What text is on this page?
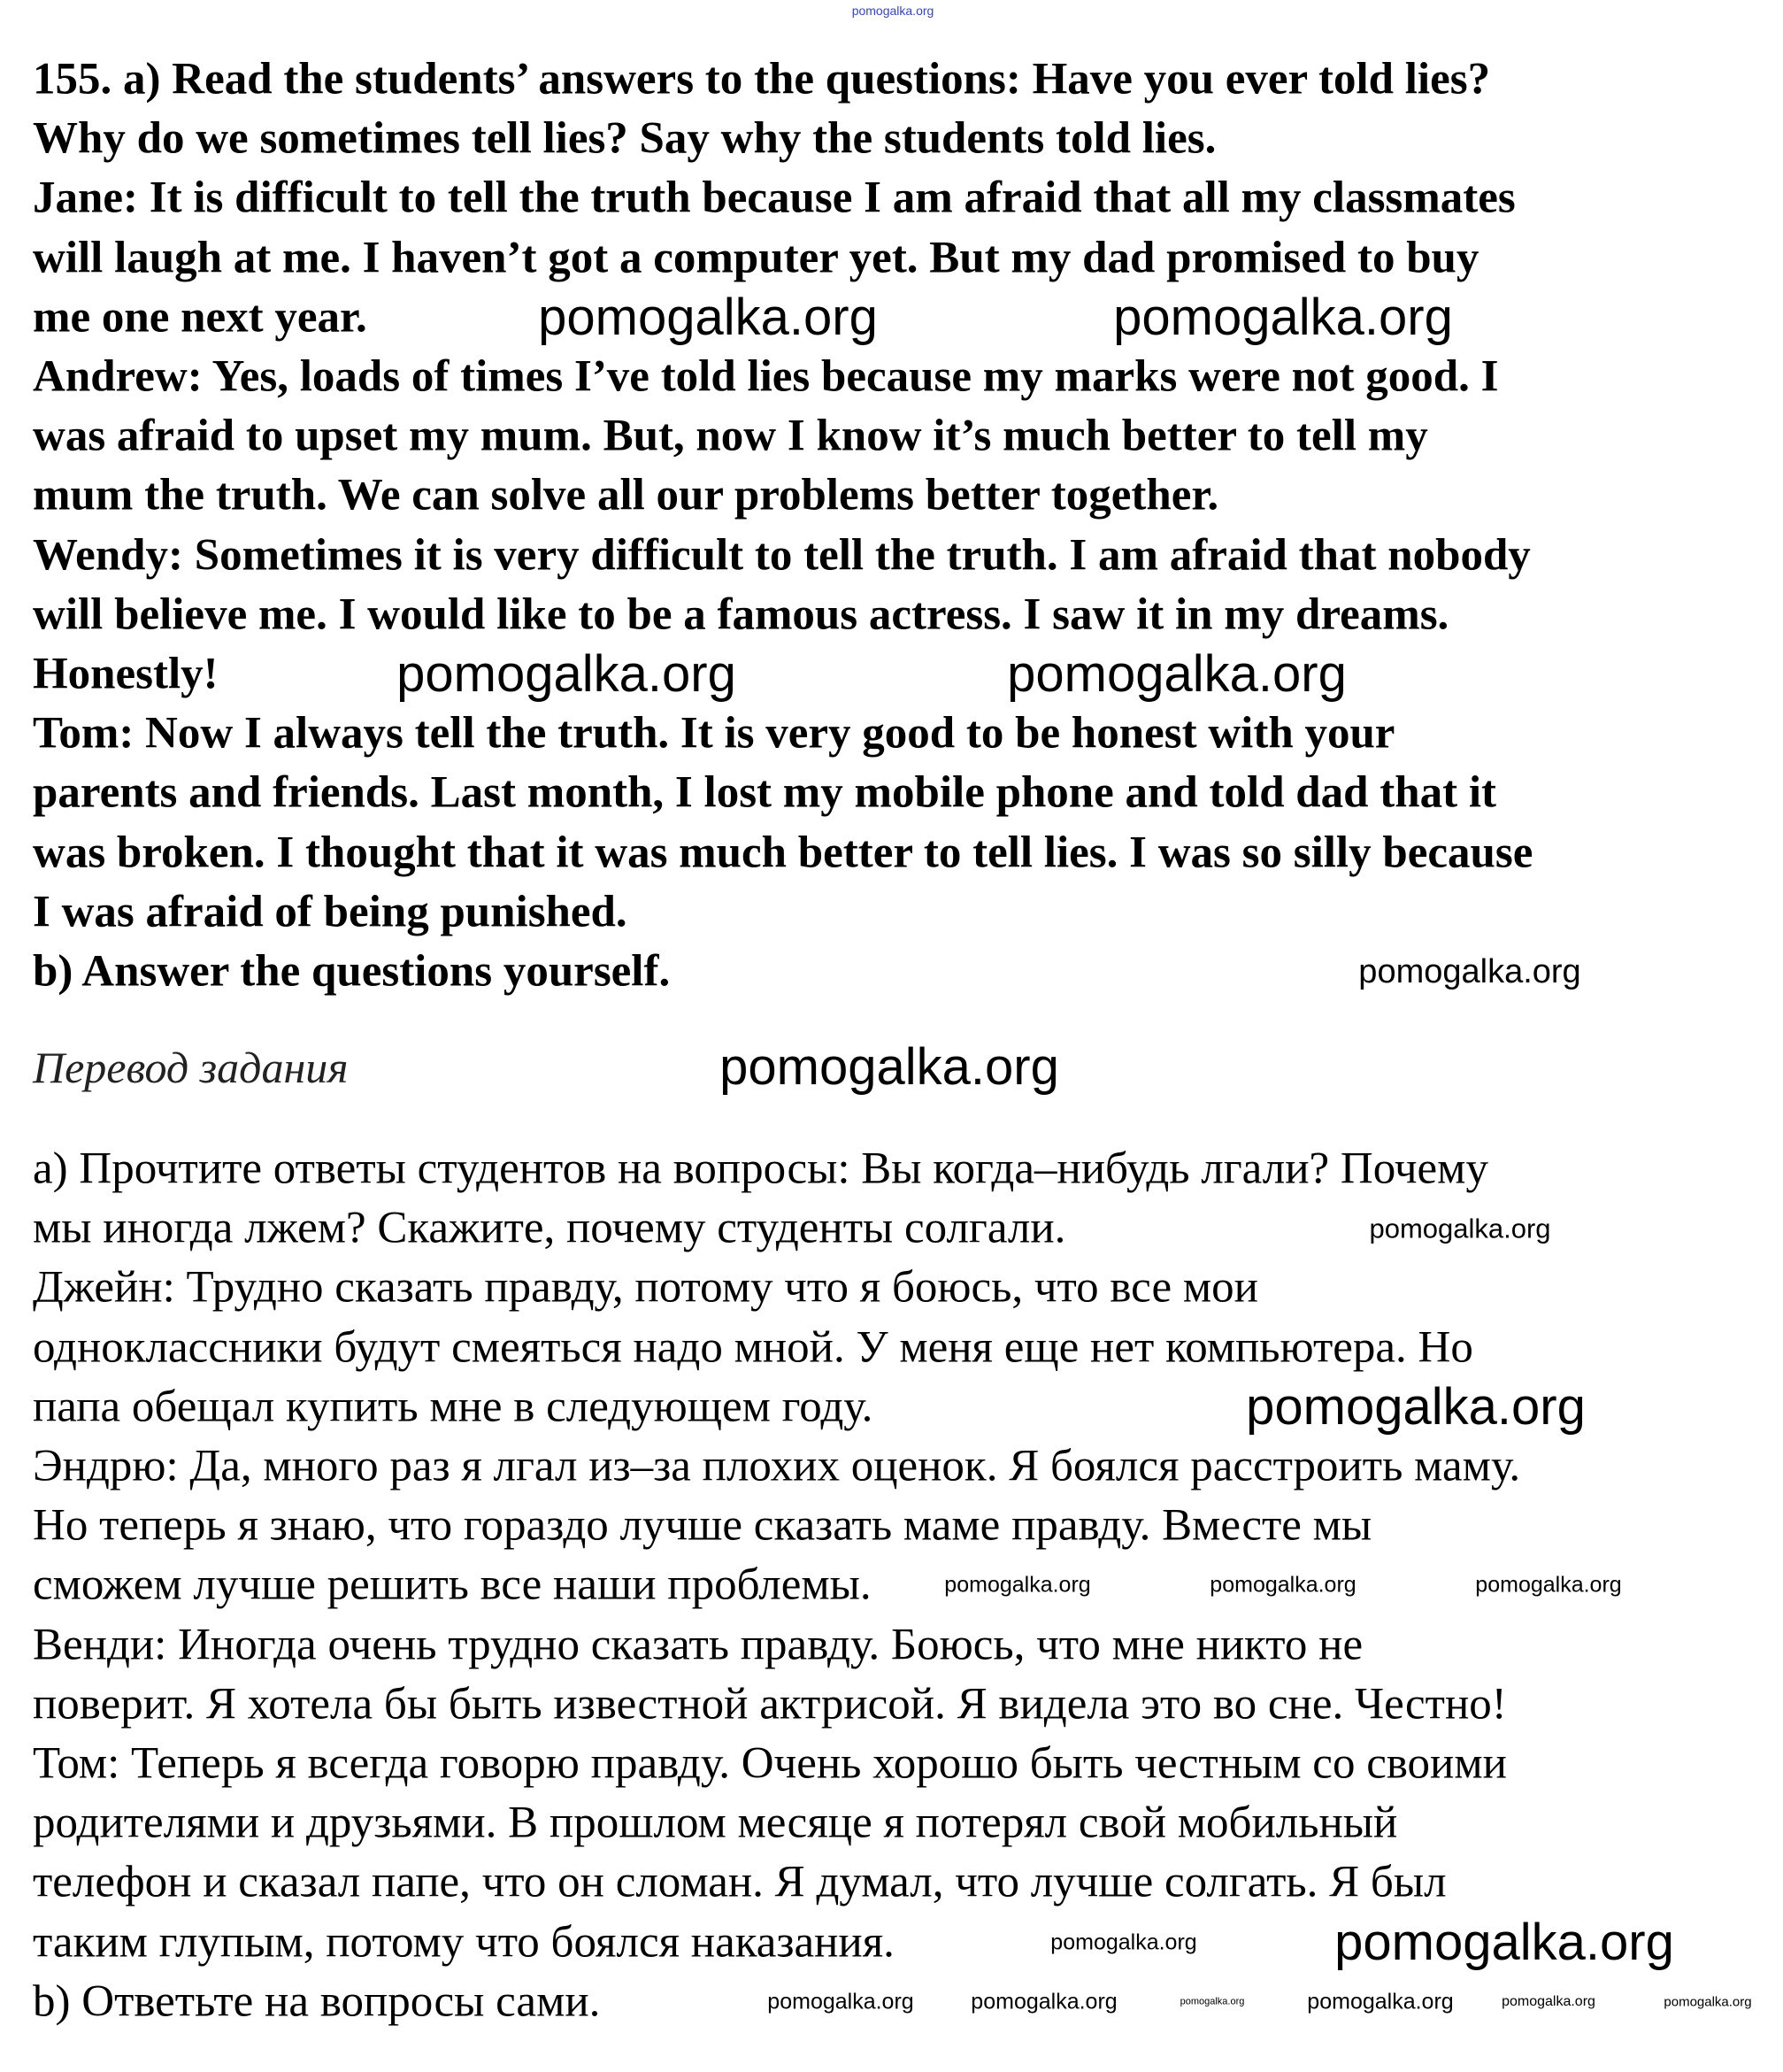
pomogalka.org
Перевод задания
155. a) Read the students’ answers to the questions: Have you ever told lies?
Why do we sometimes tell lies? Say why the students told lies.
Jane: It is difficult to tell the truth because I am afraid that all my classmates
will laugh at me. I haven’t got a computer yet. But my dad promised to buy
me one next year.
Andrew: Yes, loads of times I’ve told lies because my marks were not good. I
was afraid to upset my mum. But, now I know it’s much better to tell my
mum the truth. We can solve all our problems better together.
Wendy: Sometimes it is very difficult to tell the truth. I am afraid that nobody
will believe me. I would like to be a famous actress. I saw it in my dreams.
Honestly!
Tom: Now I always tell the truth. It is very good to be honest with your
parents and friends. Last month, I lost my mobile phone and told dad that it
was broken. I thought that it was much better to tell lies. I was so silly because
I was afraid of being punished.
b) Answer the questions yourself.
а) Прочтите ответы студентов на вопросы: Вы когда–нибудь лгали? Почему
мы иногда лжем? Скажите, почему студенты солгали.
Джейн: Трудно сказать правду, потому что я боюсь, что все мои
одноклассники будут смеяться надо мной. У меня еще нет компьютера. Но
папа обещал купить мне в следующем году.
Эндрю: Да, много раз я лгал из–за плохих оценок. Я боялся расстроить маму.
Но теперь я знаю, что гораздо лучше сказать маме правду. Вместе мы
сможем лучше решить все наши проблемы.
Венди: Иногда очень трудно сказать правду. Боюсь, что мне никто не
поверит. Я хотела бы быть известной актрисой. Я видела это во сне. Честно!
Том: Теперь я всегда говорю правду. Очень хорошо быть честным со своими
родителями и друзьями. В прошлом месяце я потерял свой мобильный
телефон и сказал папе, что он сломан. Я думал, что лучше солгать. Я был
таким глупым, потому что боялся наказания.
b) Ответьте на вопросы сами.
pomogalka.org	pomogalka.org
pomogalka.org	pomogalka.org
pomogalka.org
pomogalka.org
pomogalka.org
pomogalka.org
pomogalka.org	pomogalka.org	pomogalka.org
pomogalka.org	pomogalka.org	pomogalka.org	pomogalka.org	pomogalka.org
pomogalka.org	pomogalka.org
pomogalka.org
